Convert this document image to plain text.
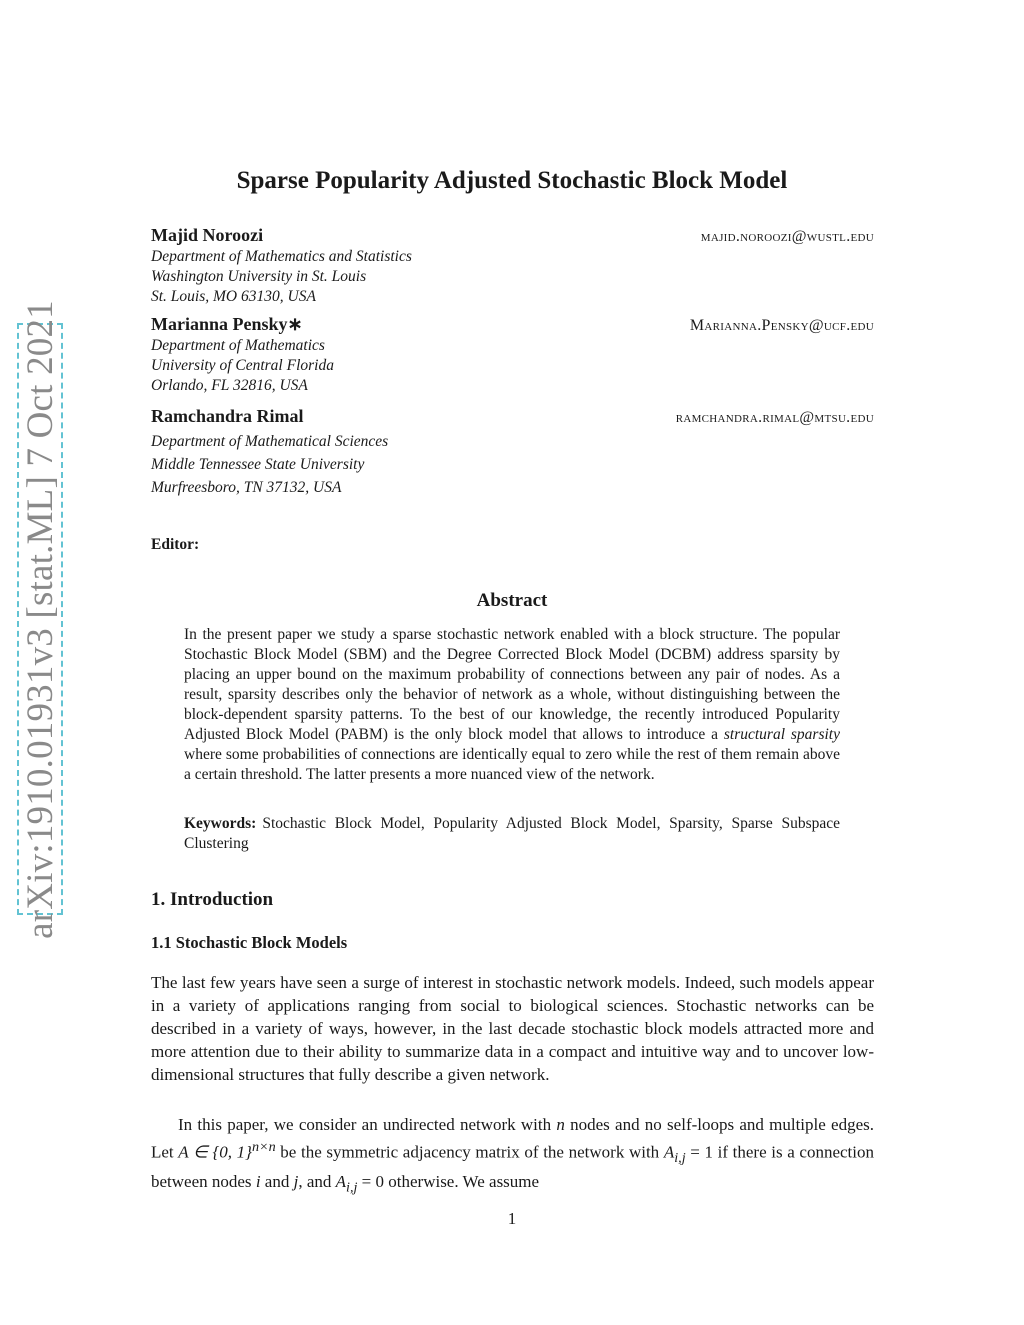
arXiv:1910.01931v3 [stat.ML] 7 Oct 2021
Sparse Popularity Adjusted Stochastic Block Model
Majid Noroozi	majid.noroozi@wustl.edu
Department of Mathematics and Statistics
Washington University in St. Louis
St. Louis, MO 63130, USA
Marianna Pensky∗	Marianna.Pensky@ucf.edu
Department of Mathematics
University of Central Florida
Orlando, FL 32816, USA
Ramchandra Rimal	ramchandra.rimal@mtsu.edu
Department of Mathematical Sciences
Middle Tennessee State University
Murfreesboro, TN 37132, USA
Editor:
Abstract
In the present paper we study a sparse stochastic network enabled with a block structure. The popular Stochastic Block Model (SBM) and the Degree Corrected Block Model (DCBM) address sparsity by placing an upper bound on the maximum probability of connections between any pair of nodes. As a result, sparsity describes only the behavior of network as a whole, without distinguishing between the block-dependent sparsity patterns. To the best of our knowledge, the recently introduced Popularity Adjusted Block Model (PABM) is the only block model that allows to introduce a structural sparsity where some probabilities of connections are identically equal to zero while the rest of them remain above a certain threshold. The latter presents a more nuanced view of the network.
Keywords: Stochastic Block Model, Popularity Adjusted Block Model, Sparsity, Sparse Subspace Clustering
1. Introduction
1.1 Stochastic Block Models
The last few years have seen a surge of interest in stochastic network models. Indeed, such models appear in a variety of applications ranging from social to biological sciences. Stochastic networks can be described in a variety of ways, however, in the last decade stochastic block models attracted more and more attention due to their ability to summarize data in a compact and intuitive way and to uncover low-dimensional structures that fully describe a given network.
In this paper, we consider an undirected network with n nodes and no self-loops and multiple edges. Let A ∈ {0, 1}$^{n\times n}$ be the symmetric adjacency matrix of the network with $A_{i,j} = 1$ if there is a connection between nodes i and j, and $A_{i,j} = 0$ otherwise. We assume
1
